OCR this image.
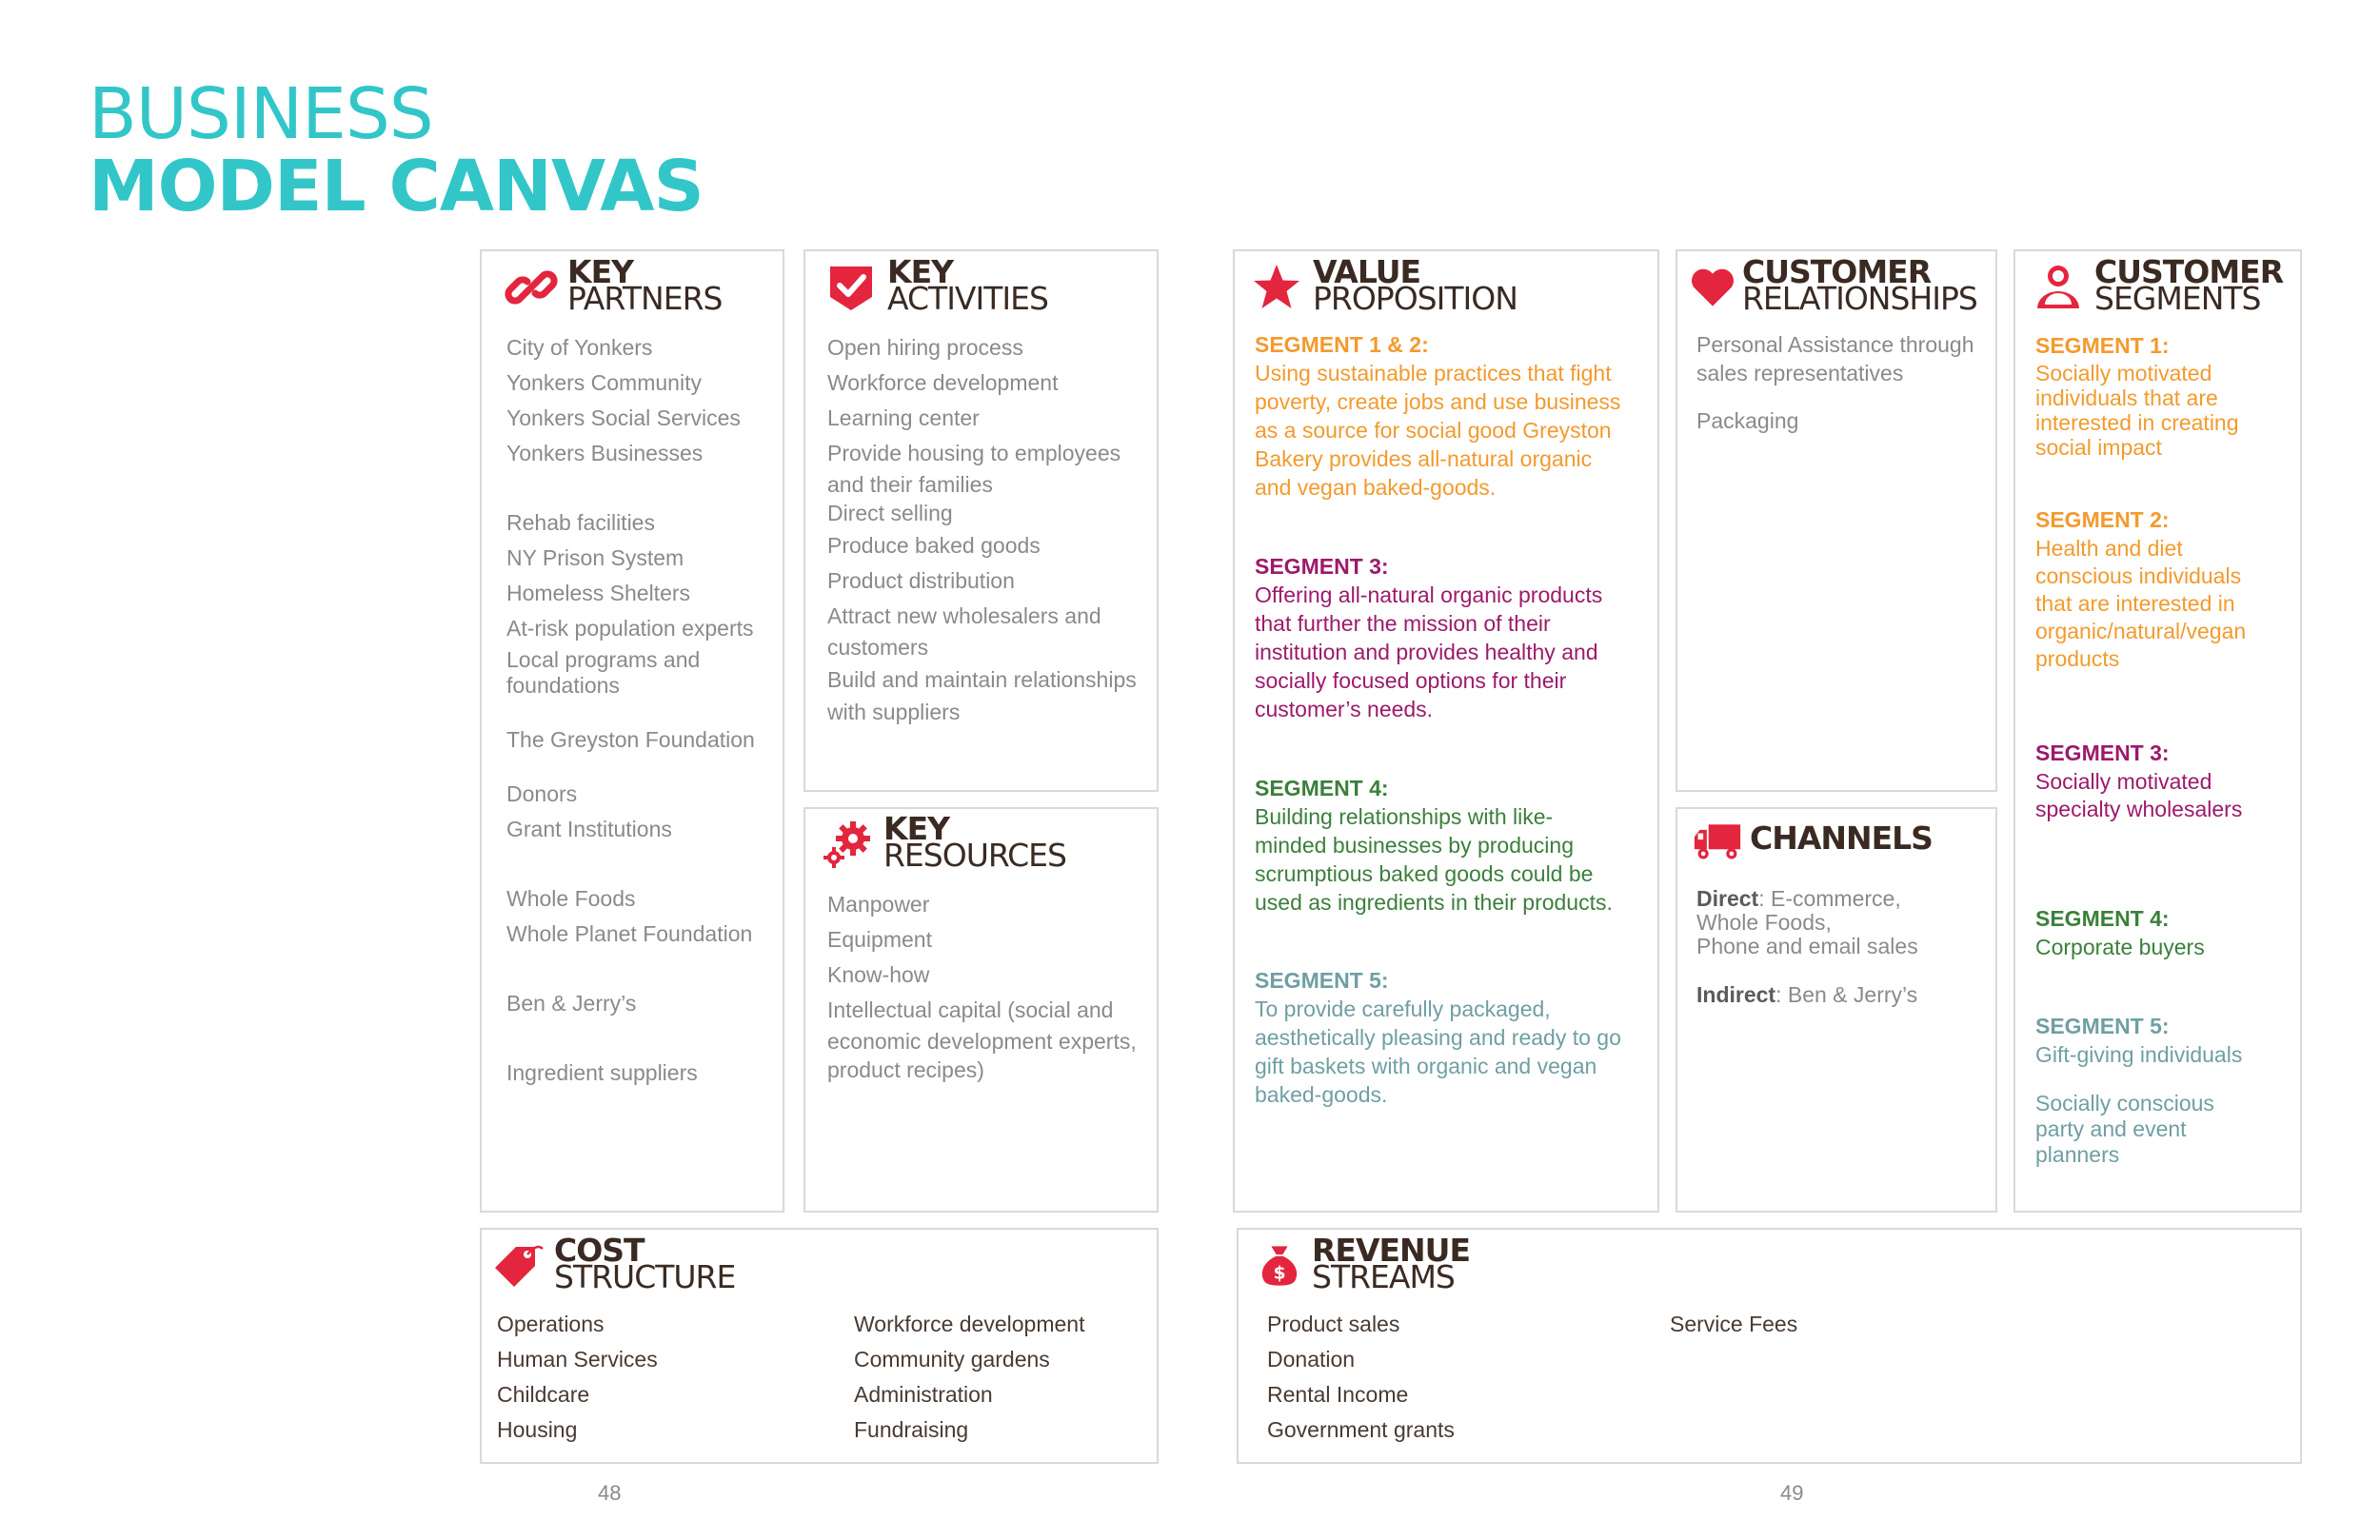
BUSINESS
MODEL CANVAS
KEY
PARTNERS
City of Yonkers
Yonkers Community
Yonkers Social Services
Yonkers Businesses
Rehab facilities
NY Prison System
Homeless Shelters
At-risk population experts
Local programs and
foundations
The Greyston Foundation
Donors
Grant Institutions
Whole Foods
Whole Planet Foundation
Ben & Jerry’s
Ingredient suppliers
KEY
ACTIVITIES
Open hiring process
Workforce development
Learning center
Provide housing to employees
and their families
Direct selling
Produce baked goods
Product distribution
Attract new wholesalers and
customers
Build and maintain relationships
with suppliers
KEY
RESOURCES
Manpower
Equipment
Know-how
Intellectual capital (social and
economic development experts,
product recipes)
VALUE
PROPOSITION
SEGMENT 1 & 2:
Using sustainable practices that fight
poverty, create jobs and use business
as a source for social good Greyston
Bakery provides all-natural organic
and vegan baked-goods.
SEGMENT 3:
Offering all-natural organic products
that further the mission of their
institution and provides healthy and
socially focused options for their
customer’s needs.
SEGMENT 4:
Building relationships with like-
minded businesses by producing
scrumptious baked goods could be
used as ingredients in their products.
SEGMENT 5:
To provide carefully packaged,
aesthetically pleasing and ready to go
gift baskets with organic and vegan
baked-goods.
CUSTOMER
RELATIONSHIPS
Personal Assistance through
sales representatives
Packaging
CHANNELS
Direct: E-commerce,
Whole Foods,
Phone and email sales
Indirect: Ben & Jerry’s
CUSTOMER
SEGMENTS
SEGMENT 1:
Socially motivated
individuals that are
interested in creating
social impact
SEGMENT 2:
Health and diet
conscious individuals
that are interested in
organic/natural/vegan
products
SEGMENT 3:
Socially motivated
specialty wholesalers
SEGMENT 4:
Corporate buyers
SEGMENT 5:
Gift-giving individuals
Socially conscious
party and event
planners
COST
STRUCTURE
Operations
Human Services
Childcare
Housing
Workforce development
Community gardens
Administration
Fundraising
$
REVENUE
STREAMS
Product sales
Donation
Rental Income
Government grants
Service Fees
48	49
